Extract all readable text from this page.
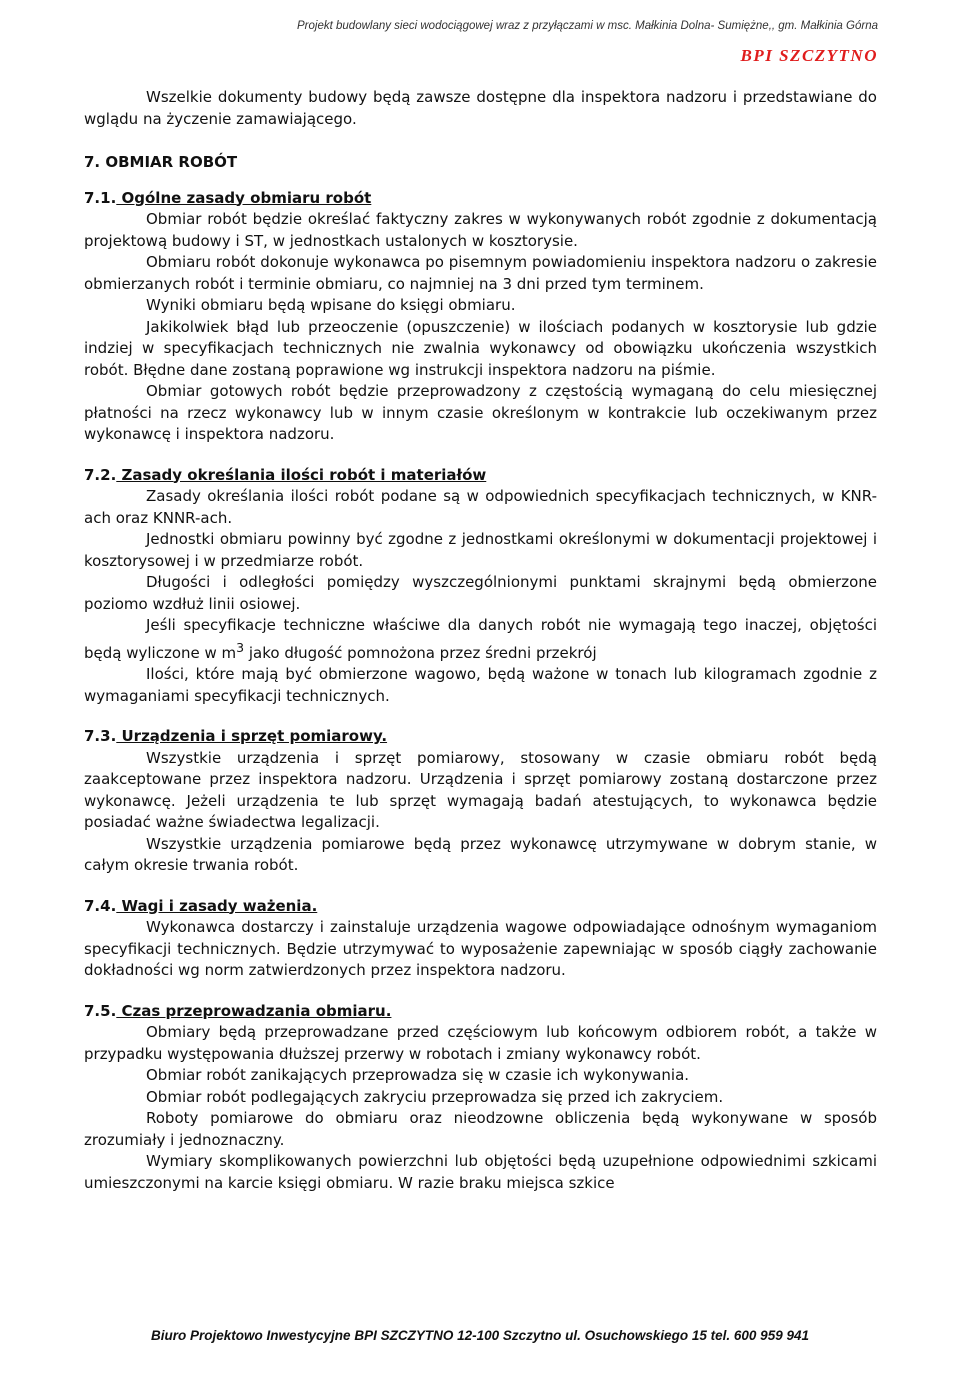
Projekt budowlany sieci wodociągowej wraz z przyłączami w msc. Małkinia Dolna- Sumiężne,, gm. Małkinia Górna
BPI SZCZYTNO

Wszelkie dokumenty budowy będą zawsze dostępne dla inspektora nadzoru i przedstawiane do wglądu na życzenie zamawiającego.

7. OBMIAR ROBÓT

7.1. Ogólne zasady obmiaru robót

Obmiar robót będzie określać faktyczny zakres w wykonywanych robót zgodnie z dokumentacją projektową budowy i ST, w jednostkach ustalonych w kosztorysie.

Obmiaru robót dokonuje wykonawca po pisemnym powiadomieniu inspektora nadzoru o zakresie obmierzanych robót i terminie obmiaru, co najmniej na 3 dni przed tym terminem.

Wyniki obmiaru będą wpisane do księgi obmiaru.

Jakikolwiek błąd lub przeoczenie (opuszczenie) w ilościach podanych w kosztorysie lub gdzie indziej w specyfikacjach technicznych nie zwalnia wykonawcy od obowiązku ukończenia wszystkich robót. Błędne dane zostaną poprawione wg instrukcji inspektora nadzoru na piśmie.

Obmiar gotowych robót będzie przeprowadzony z częstością wymaganą do celu miesięcznej płatności na rzecz wykonawcy lub w innym czasie określonym w kontrakcie lub oczekiwanym przez wykonawcę i inspektora nadzoru.

7.2. Zasady określania ilości robót i materiałów

Zasady określania ilości robót podane są w odpowiednich specyfikacjach technicznych, w KNR-ach oraz KNNR-ach.

Jednostki obmiaru powinny być zgodne z jednostkami określonymi w dokumentacji projektowej i kosztorysowej i w przedmiarze robót.

Długości i odległości pomiędzy wyszczególnionymi punktami skrajnymi będą obmierzone poziomo wzdłuż linii osiowej.

Jeśli specyfikacje techniczne właściwe dla danych robót nie wymagają tego inaczej, objętości będą wyliczone w $m^3$ jako długość pomnożona przez średni przekrój

Ilości, które mają być obmierzone wagowo, będą ważone w tonach lub kilogramach zgodnie z wymaganiami specyfikacji technicznych.

7.3. Urządzenia i sprzęt pomiarowy.

Wszystkie urządzenia i sprzęt pomiarowy, stosowany w czasie obmiaru robót będą zaakceptowane przez inspektora nadzoru. Urządzenia i sprzęt pomiarowy zostaną dostarczone przez wykonawcę. Jeżeli urządzenia te lub sprzęt wymagają badań atestujących, to wykonawca będzie posiadać ważne świadectwa legalizacji.

Wszystkie urządzenia pomiarowe będą przez wykonawcę utrzymywane w dobrym stanie, w całym okresie trwania robót.

7.4. Wagi i zasady ważenia.

Wykonawca dostarczy i zainstaluje urządzenia wagowe odpowiadające odnośnym wymaganiom specyfikacji technicznych. Będzie utrzymywać to wyposażenie zapewniając w sposób ciągły zachowanie dokładności wg norm zatwierdzonych przez inspektora nadzoru.

7.5. Czas przeprowadzania obmiaru.

Obmiary będą przeprowadzane przed częściowym lub końcowym odbiorem robót, a także w przypadku występowania dłuższej przerwy w robotach i zmiany wykonawcy robót.

Obmiar robót zanikających przeprowadza się w czasie ich wykonywania.

Obmiar robót podlegających zakryciu przeprowadza się przed ich zakryciem.

Roboty pomiarowe do obmiaru oraz nieodzowne obliczenia będą wykonywane w sposób zrozumiały i jednoznaczny.

Wymiary skomplikowanych powierzchni lub objętości będą uzupełnione odpowiednimi szkicami umieszczonymi na karcie księgi obmiaru. W razie braku miejsca szkice

Biuro Projektowo Inwestycyjne BPI SZCZYTNO 12-100 Szczytno ul. Osuchowskiego 15 tel. 600 959 941
